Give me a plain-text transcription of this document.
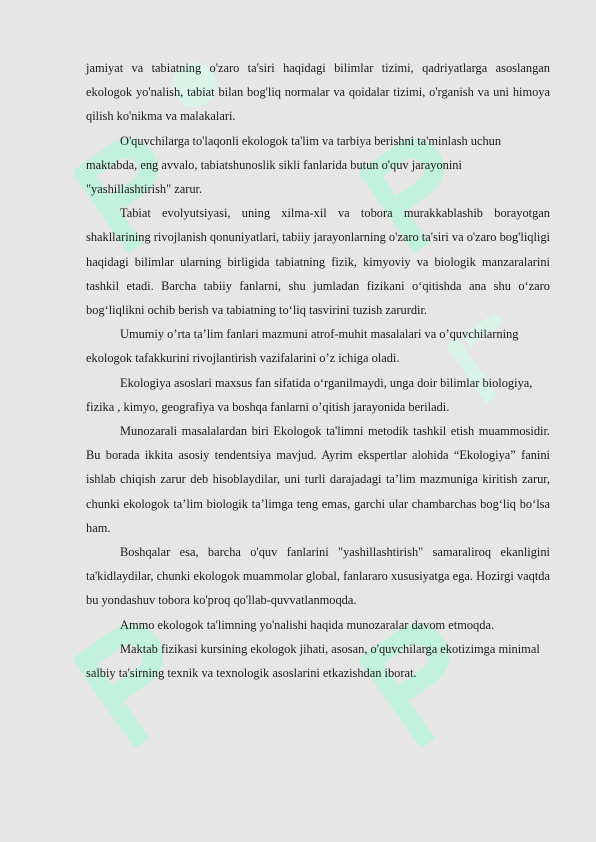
jamiyat va tabiatning o'zaro ta'siri haqidagi bilimlar tizimi, qadriyatlarga asoslangan ekologok yo'nalish, tabiat bilan bog'liq normalar va qoidalar tizimi, o'rganish va uni himoya qilish ko'nikma va malakalari.

O'quvchilarga to'laqonli ekologok ta'lim va tarbiya berishni ta'minlash uchun maktabda, eng avvalo, tabiatshunoslik sikli fanlarida butun o'quv jarayonini "yashillashtirish" zarur.

Tabiat evolyutsiyasi, uning xilma-xil va tobora murakkablashib borayotgan shakllarining rivojlanish qonuniyatlari, tabiiy jarayonlarning o'zaro ta'siri va o'zaro bog'liqligi haqidagi bilimlar ularning birligida tabiatning fizik, kimyoviy va biologik manzaralarini tashkil etadi. Barcha tabiiy fanlarni, shu jumladan fizikani o‘qitishda ana shu o‘zaro bog‘liqlikni ochib berish va tabiatning to‘liq tasvirini tuzish zarurdir.

Umumiy o’rta ta’lim fanlari mazmuni atrof-muhit masalalari va o’quvchilarning ekologok tafakkurini rivojlantirish vazifalarini o’z ichiga oladi.

Ekologiya asoslari maxsus fan sifatida o‘rganilmaydi, unga doir bilimlar biologiya, fizika , kimyo, geografiya va boshqa fanlarni o’qitish jarayonida beriladi.

Munozarali masalalardan biri Ekologok ta'limni metodik tashkil etish muammosidir. Bu borada ikkita asosiy tendentsiya mavjud. Ayrim ekspertlar alohida “Ekologiya” fanini ishlab chiqish zarur deb hisoblaydilar, uni turli darajadagi ta’lim mazmuniga kiritish zarur, chunki ekologok ta’lim biologik ta’limga teng emas, garchi ular chambarchas bog‘liq bo‘lsa ham.

Boshqalar esa, barcha o'quv fanlarini "yashillashtirish" samaraliroq ekanligini ta'kidlaydilar, chunki ekologok muammolar global, fanlararo xususiyatga ega. Hozirgi vaqtda bu yondashuv tobora ko'proq qo'llab-quvvatlanmoqda.

Ammo ekologok ta'limning yo'nalishi haqida munozaralar davom etmoqda.

Maktab fizikasi kursining ekologok jihati, asosan, o'quvchilarga ekotizimga minimal

salbiy ta'sirning texnik va texnologik asoslarini etkazishdan iborat.
